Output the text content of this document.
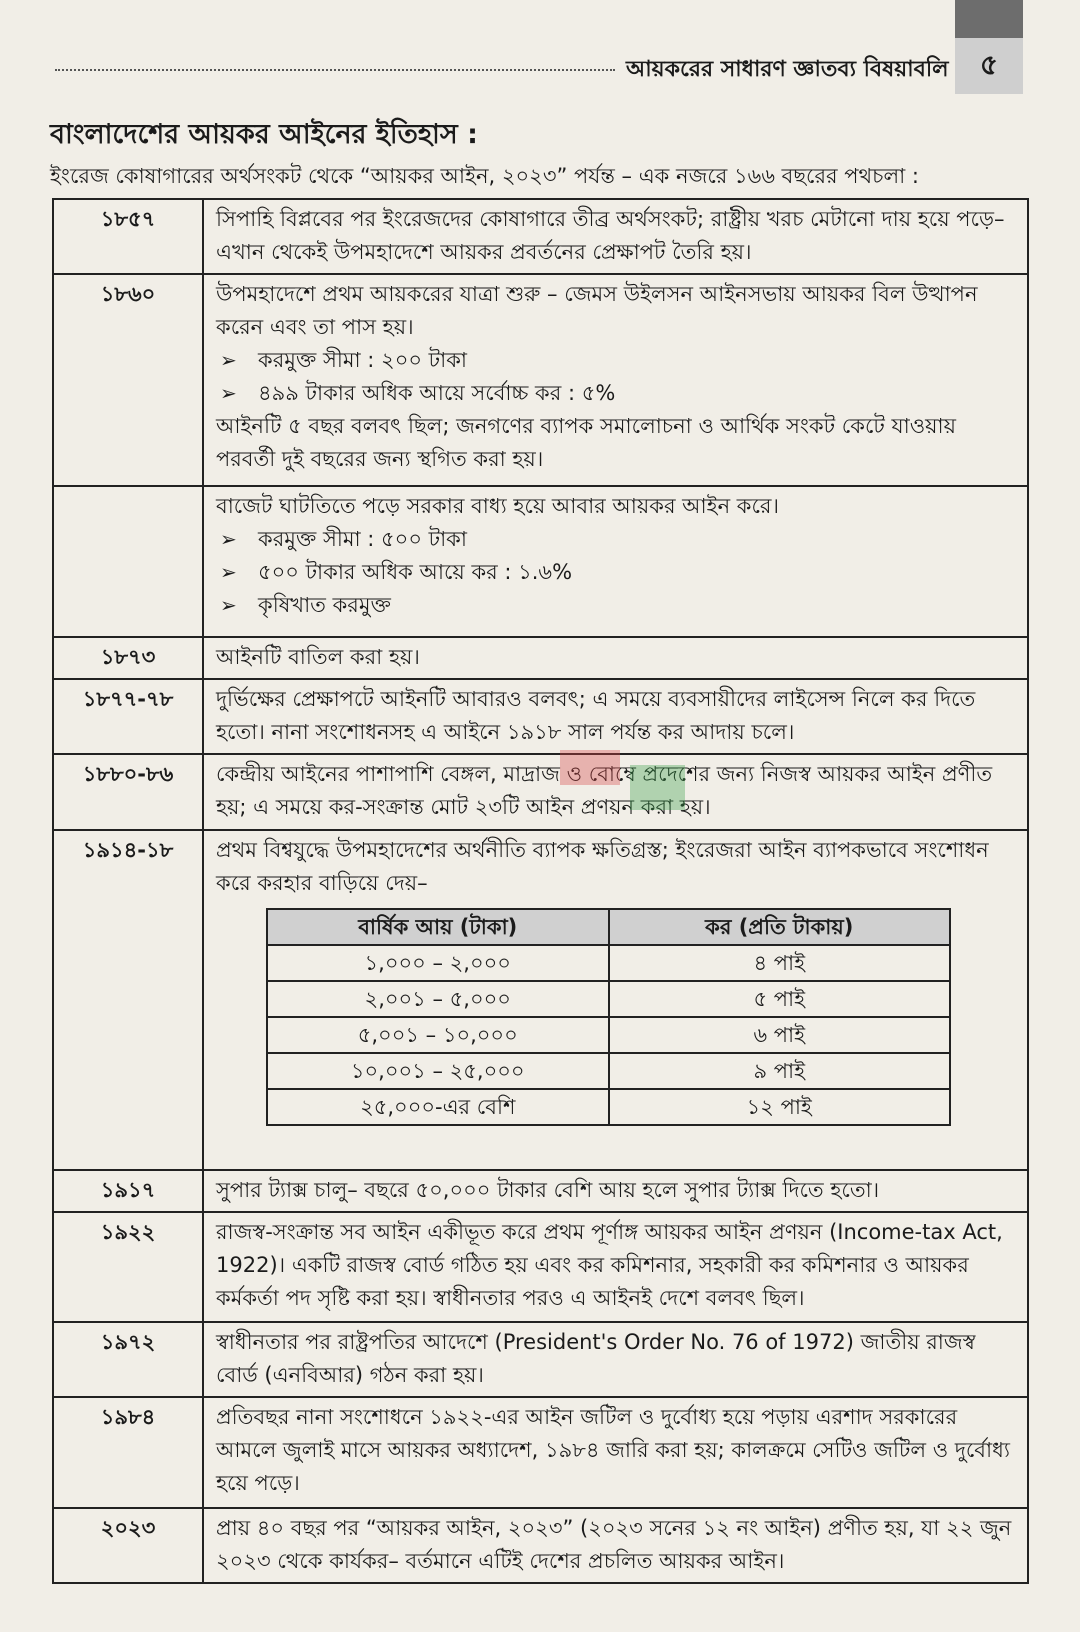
৫
আয়করের সাধারণ জ্ঞাতব্য বিষয়াবলি
বাংলাদেশের আয়কর আইনের ইতিহাস :
ইংরেজ কোষাগারের অর্থসংকট থেকে “আয়কর আইন, ২০২৩” পর্যন্ত – এক নজরে ১৬৬ বছরের পথচলা :
১৮৫৭	সিপাহি বিপ্লবের পর ইংরেজদের কোষাগারে তীব্র অর্থসংকট; রাষ্ট্রীয় খরচ মেটানো দায় হয়ে পড়ে– এখান থেকেই উপমহাদেশে আয়কর প্রবর্তনের প্রেক্ষাপট তৈরি হয়।

১৮৬০	উপমহাদেশে প্রথম আয়করের যাত্রা শুরু – জেমস উইলসন আইনসভায় আয়কর বিল উত্থাপন করেন এবং তা পাস হয়।

➢ করমুক্ত সীমা : ২০০ টাকা
➢ ৪৯৯ টাকার অধিক আয়ে সর্বোচ্চ কর : ৫%

আইনটি ৫ বছর বলবৎ ছিল; জনগণের ব্যাপক সমালোচনা ও আর্থিক সংকট কেটে যাওয়ায় পরবর্তী দুই বছরের জন্য স্থগিত করা হয়।

বাজেট ঘাটতিতে পড়ে সরকার বাধ্য হয়ে আবার আয়কর আইন করে।

➢ করমুক্ত সীমা : ৫০০ টাকা
➢ ৫০০ টাকার অধিক আয়ে কর : ১.৬%
➢ কৃষিখাত করমুক্ত

১৮৭৩	আইনটি বাতিল করা হয়।

১৮৭৭-৭৮	দুর্ভিক্ষের প্রেক্ষাপটে আইনটি আবারও বলবৎ; এ সময়ে ব্যবসায়ীদের লাইসেন্স নিলে কর দিতে হতো। নানা সংশোধনসহ এ আইনে ১৯১৮ সাল পর্যন্ত কর আদায় চলে।

১৮৮০-৮৬	কেন্দ্রীয় আইনের পাশাপাশি বেঙ্গল, মাদ্রাজ ও বোম্বে প্রদেশের জন্য নিজস্ব আয়কর আইন প্রণীত হয়; এ সময়ে কর-সংক্রান্ত মোট ২৩টি আইন প্রণয়ন করা হয়।

১৯১৪-১৮	প্রথম বিশ্বযুদ্ধে উপমহাদেশের অর্থনীতি ব্যাপক ক্ষতিগ্রস্ত; ইংরেজরা আইন ব্যাপকভাবে সংশোধন করে করহার বাড়িয়ে দেয়–

বার্ষিক আয় (টাকা)	কর (প্রতি টাকায়)
১,০০০ – ২,০০০	৪ পাই
২,০০১ – ৫,০০০	৫ পাই
৫,০০১ – ১০,০০০	৬ পাই
১০,০০১ – ২৫,০০০	৯ পাই
২৫,০০০-এর বেশি	১২ পাই

১৯১৭	সুপার ট্যাক্স চালু– বছরে ৫০,০০০ টাকার বেশি আয় হলে সুপার ট্যাক্স দিতে হতো।

১৯২২	রাজস্ব-সংক্রান্ত সব আইন একীভূত করে প্রথম পূর্ণাঙ্গ আয়কর আইন প্রণয়ন (Income-tax Act, 1922)। একটি রাজস্ব বোর্ড গঠিত হয় এবং কর কমিশনার, সহকারী কর কমিশনার ও আয়কর কর্মকর্তা পদ সৃষ্টি করা হয়। স্বাধীনতার পরও এ আইনই দেশে বলবৎ ছিল।

১৯৭২	স্বাধীনতার পর রাষ্ট্রপতির আদেশে (President's Order No. 76 of 1972) জাতীয় রাজস্ব বোর্ড (এনবিআর) গঠন করা হয়।

১৯৮৪	প্রতিবছর নানা সংশোধনে ১৯২২-এর আইন জটিল ও দুর্বোধ্য হয়ে পড়ায় এরশাদ সরকারের আমলে জুলাই মাসে আয়কর অধ্যাদেশ, ১৯৮৪ জারি করা হয়; কালক্রমে সেটিও জটিল ও দুর্বোধ্য হয়ে পড়ে।

২০২৩	প্রায় ৪০ বছর পর “আয়কর আইন, ২০২৩” (২০২৩ সনের ১২ নং আইন) প্রণীত হয়, যা ২২ জুন ২০২৩ থেকে কার্যকর– বর্তমানে এটিই দেশের প্রচলিত আয়কর আইন।
